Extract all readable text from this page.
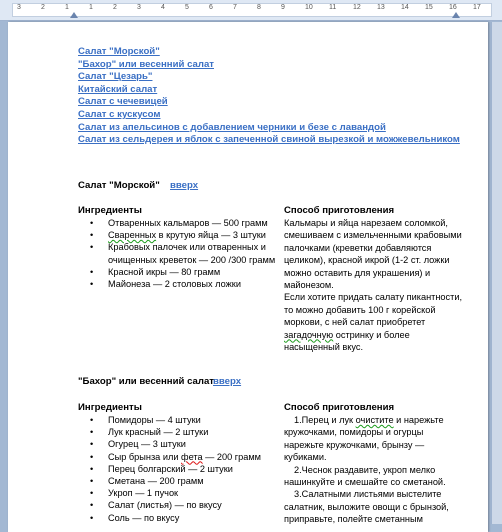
3	2	1	1	2	3	4	5	6	7	8	9	10 11 12 13 14 15 16 17
Салат "Морской"
"Бахор" или весенний салат
Салат "Цезарь"
Китайский салат
Салат с чечевицей
Салат с кускусом
Салат из апельсинов с добавлением черники и безе с лавандой
Салат из сельдерея и яблок с запеченной свиной вырезкой и можжевельником
Салат "Морской" вверх
Ингредиенты
• Отваренных кальмаров — 500 грамм
• Сваренных в крутую яйца — 3 штуки
• Крабовых палочек или отваренных и очищенных креветок — 200 /300 грамм
• Красной икры — 80 грамм
• Майонеза — 2 столовых ложки
Способ приготовления

Кальмары и яйца нарезаем соломкой, смешиваем с измельченными крабовыми палочками (креветки добавляются целиком), красной икрой (1-2 ст. ложки можно оставить для украшения) и майонезом.

Если хотите придать салату пикантности, то можно добавить 100 г корейской моркови, с ней салат приобретет загадочную остринку и более насыщенный вкус.

"Бахор" или весенний салат вверх
Ингредиенты
• Помидоры — 4 штуки
• Лук красный — 2 штуки
• Огурец — 3 штуки
• Сыр брынза или фета — 200 грамм
• Перец болгарский — 2 штуки
• Сметана — 200 грамм
• Укроп — 1 пучок
• Салат (листья) — по вкусу
• Соль — по вкусу
Способ приготовления

1.Перец и лук очистите и нарежьте кружочками, помидоры и огурцы нарежьте кружочками, брынзу — кубиками.

2.Чеснок раздавите, укроп мелко нашинкуйте и смешайте со сметаной.

3.Салатными листьями выстелите салатник, выложите овощи с брынзой, приправьте, полейте сметанным
